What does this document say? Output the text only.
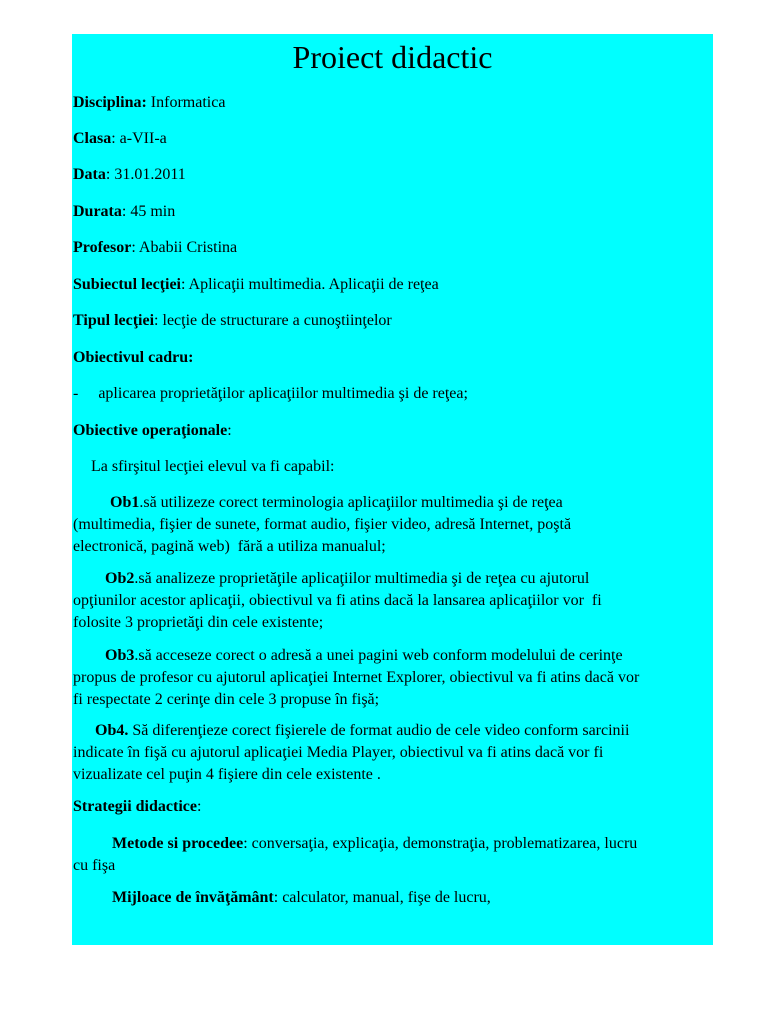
Proiect didactic
Disciplina: Informatica
Clasa: a-VII-a
Data: 31.01.2011
Durata: 45 min
Profesor: Ababii Cristina
Subiectul lecţiei: Aplicaţii multimedia. Aplicaţii de reţea
Tipul lecţiei: lecţie de structurare a cunoştiinţelor
Obiectivul cadru:
-     aplicarea proprietăţilor aplicaţiilor multimedia şi de reţea;
Obiective operaţionale:
La sfirşitul lecţiei elevul va fi capabil:
Ob1.să utilizeze corect terminologia aplicaţiilor multimedia şi de reţea
(multimedia, fişier de sunete, format audio, fişier video, adresă Internet, poştă
electronică, pagină web)  fără a utiliza manualul;
Ob2.să analizeze proprietăţile aplicaţiilor multimedia şi de reţea cu ajutorul
opţiunilor acestor aplicaţii, obiectivul va fi atins dacă la lansarea aplicaţiilor vor  fi
folosite 3 proprietăţi din cele existente;
Ob3.să acceseze corect o adresă a unei pagini web conform modelului de cerinţe
propus de profesor cu ajutorul aplicaţiei Internet Explorer, obiectivul va fi atins dacă vor
fi respectate 2 cerinţe din cele 3 propuse în fişă;
Ob4. Să diferenţieze corect fişierele de format audio de cele video conform sarcinii
indicate în fişă cu ajutorul aplicaţiei Media Player, obiectivul va fi atins dacă vor fi
vizualizate cel puţin 4 fişiere din cele existente .
Strategii didactice:
Metode si procedee: conversaţia, explicaţia, demonstraţia, problematizarea, lucru
cu fişa
Mijloace de învăţământ: calculator, manual, fişe de lucru,
